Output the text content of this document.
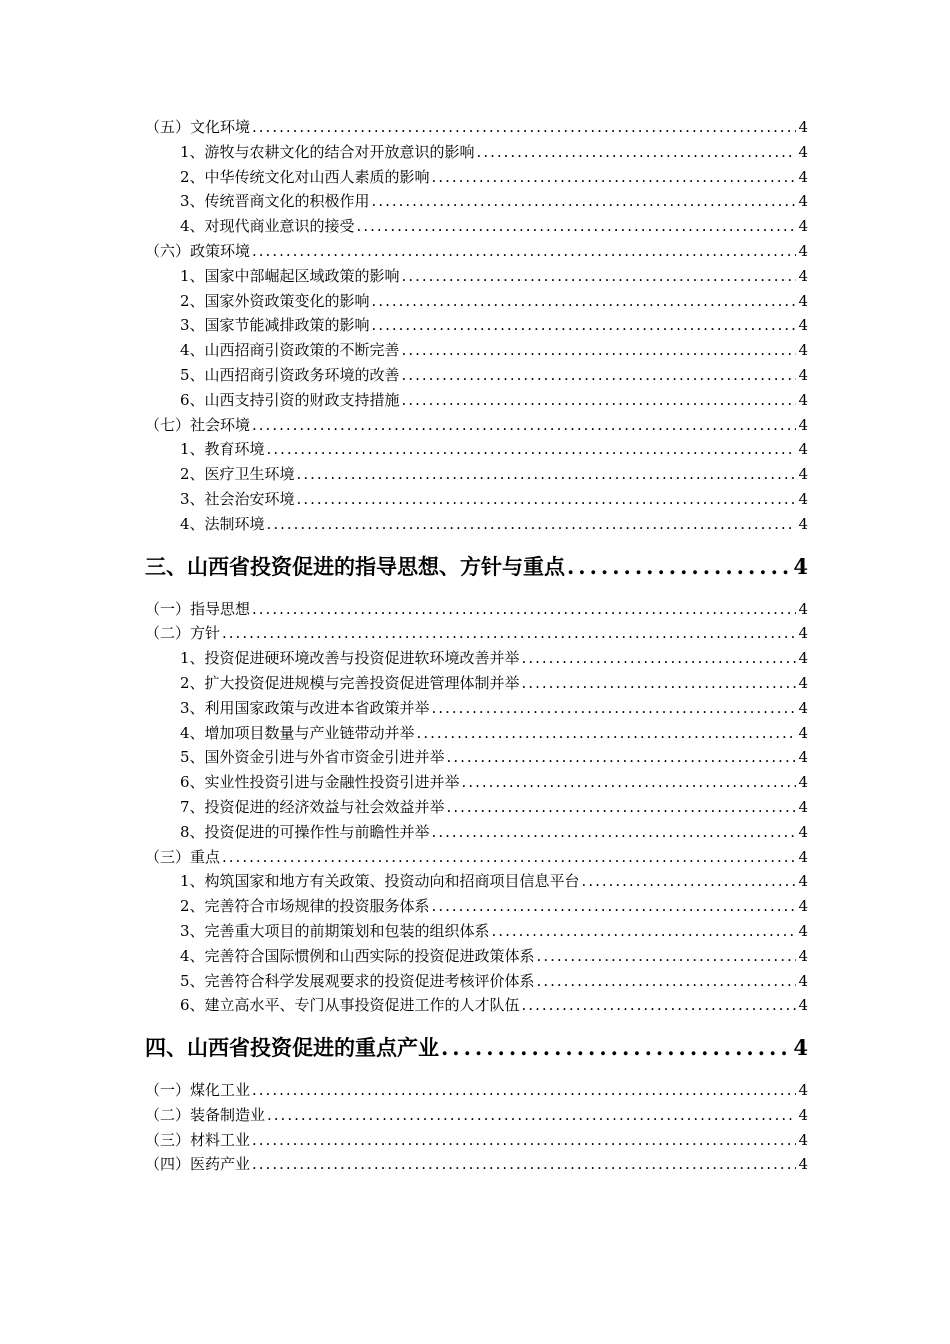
（五）文化环境 .....	4
1、游牧与农耕文化的结合对开放意识的影响 .....	4
2、中华传统文化对山西人素质的影响 .....	4
3、传统晋商文化的积极作用 .....	4
4、对现代商业意识的接受 .....	4
（六）政策环境 .....	4
1、国家中部崛起区域政策的影响 .....	4
2、国家外资政策变化的影响 .....	4
3、国家节能减排政策的影响 .....	4
4、山西招商引资政策的不断完善 .....	4
5、山西招商引资政务环境的改善 .....	4
6、山西支持引资的财政支持措施 .....	4
（七）社会环境 .....	4
1、教育环境 .....	4
2、医疗卫生环境 .....	4
3、社会治安环境 .....	4
4、法制环境 .....	4
三、山西省投资促进的指导思想、方针与重点 .....	4
（一）指导思想 .....	4
（二）方针 .....	4
1、投资促进硬环境改善与投资促进软环境改善并举 .....	4
2、扩大投资促进规模与完善投资促进管理体制并举 .....	4
3、利用国家政策与改进本省政策并举 .....	4
4、增加项目数量与产业链带动并举 .....	4
5、国外资金引进与外省市资金引进并举 .....	4
6、实业性投资引进与金融性投资引进并举 .....	4
7、投资促进的经济效益与社会效益并举 .....	4
8、投资促进的可操作性与前瞻性并举 .....	4
（三）重点 .....	4
1、构筑国家和地方有关政策、投资动向和招商项目信息平台 .....	4
2、完善符合市场规律的投资服务体系 .....	4
3、完善重大项目的前期策划和包装的组织体系 .....	4
4、完善符合国际惯例和山西实际的投资促进政策体系 .....	4
5、完善符合科学发展观要求的投资促进考核评价体系 .....	4
6、建立高水平、专门从事投资促进工作的人才队伍 .....	4
四、山西省投资促进的重点产业 .....	4
（一）煤化工业 .....	4
（二）装备制造业 .....	4
（三）材料工业 .....	4
（四）医药产业 .....	4
